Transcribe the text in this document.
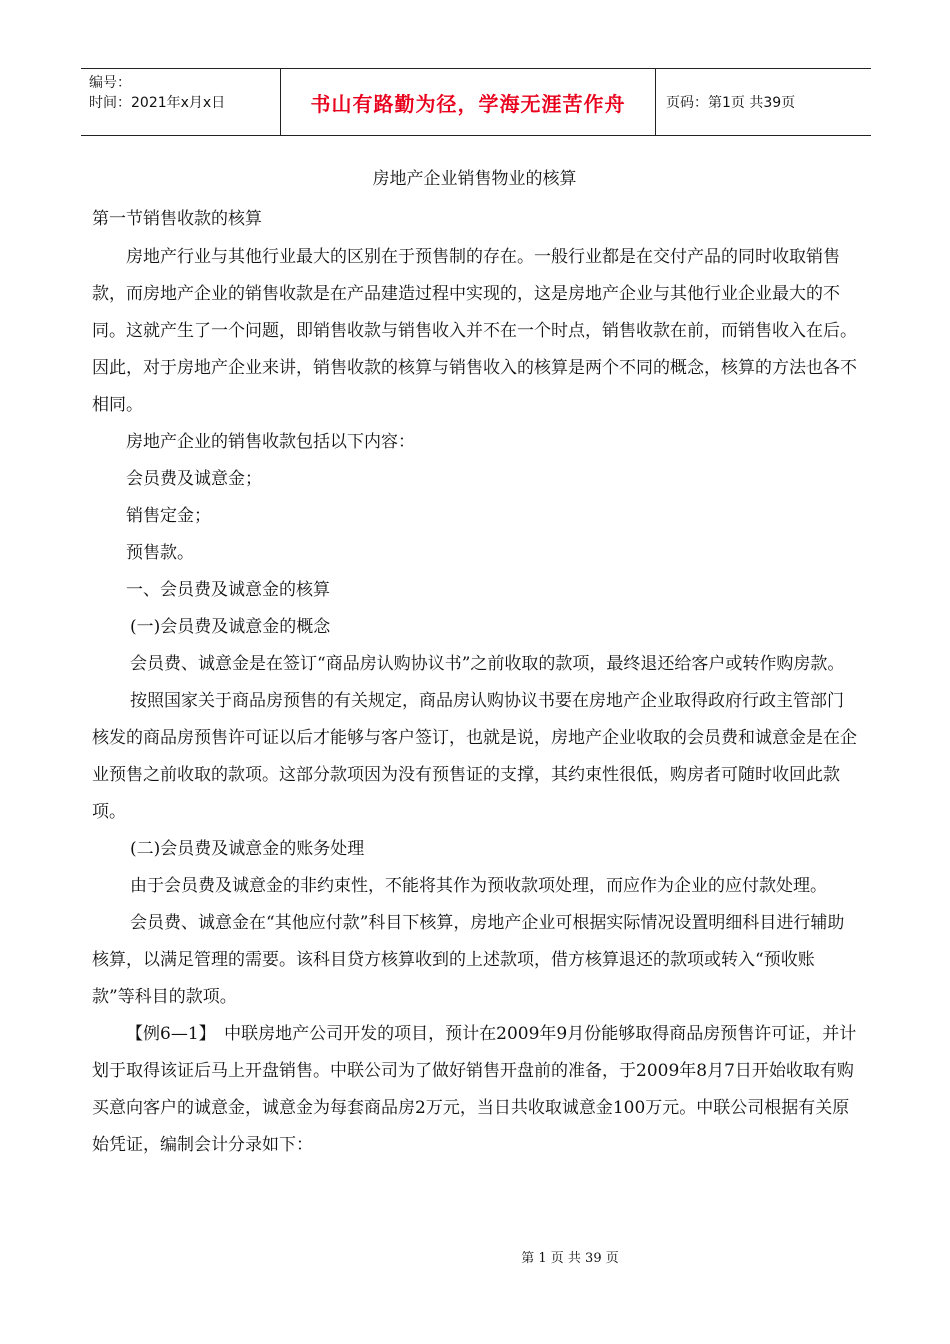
编号：
时间：2021年x月x日	书山有路勤为径，学海无涯苦作舟	页码：第1页 共39页
房地产企业销售物业的核算
第一节销售收款的核算

房地产行业与其他行业最大的区别在于预售制的存在。一般行业都是在交付产品的同时收取销售款，而房地产企业的销售收款是在产品建造过程中实现的，这是房地产企业与其他行业企业最大的不同。这就产生了一个问题，即销售收款与销售收入并不在一个时点，销售收款在前，而销售收入在后。因此，对于房地产企业来讲，销售收款的核算与销售收入的核算是两个不同的概念，核算的方法也各不相同。

房地产企业的销售收款包括以下内容：

会员费及诚意金；

销售定金；

预售款。

一、会员费及诚意金的核算

(一)会员费及诚意金的概念

会员费、诚意金是在签订“商品房认购协议书”之前收取的款项，最终退还给客户或转作购房款。

按照国家关于商品房预售的有关规定，商品房认购协议书要在房地产企业取得政府行政主管部门核发的商品房预售许可证以后才能够与客户签订，也就是说，房地产企业收取的会员费和诚意金是在企业预售之前收取的款项。这部分款项因为没有预售证的支撑，其约束性很低，购房者可随时收回此款项。

(二)会员费及诚意金的账务处理

由于会员费及诚意金的非约束性，不能将其作为预收款项处理，而应作为企业的应付款处理。

会员费、诚意金在“其他应付款”科目下核算，房地产企业可根据实际情况设置明细科目进行辅助核算，以满足管理的需要。该科目贷方核算收到的上述款项，借方核算退还的款项或转入“预收账款”等科目的款项。

【例6—1】　中联房地产公司开发的项目，预计在2009年9月份能够取得商品房预售许可证，并计划于取得该证后马上开盘销售。中联公司为了做好销售开盘前的准备，于2009年8月7日开始收取有购买意向客户的诚意金，诚意金为每套商品房2万元，当日共收取诚意金100万元。中联公司根据有关原始凭证，编制会计分录如下：

第 1 页 共 39 页
